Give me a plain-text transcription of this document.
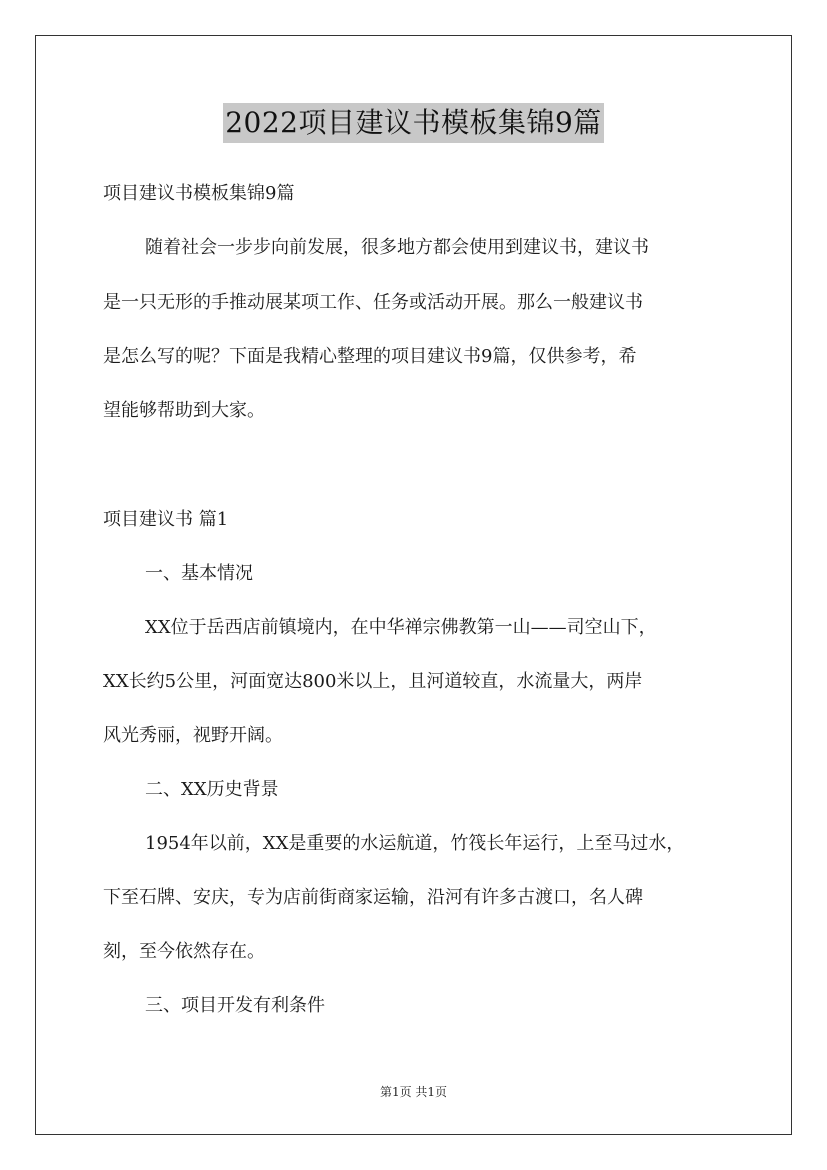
2022项目建议书模板集锦9篇
项目建议书模板集锦9篇
随着社会一步步向前发展，很多地方都会使用到建议书，建议书
是一只无形的手推动展某项工作、任务或活动开展。那么一般建议书
是怎么写的呢？下面是我精心整理的项目建议书9篇，仅供参考，希
望能够帮助到大家。
项目建议书 篇1
一、基本情况
XX位于岳西店前镇境内，在中华禅宗佛教第一山——司空山下，
XX长约5公里，河面宽达800米以上，且河道较直，水流量大，两岸
风光秀丽，视野开阔。
二、XX历史背景
1954年以前，XX是重要的水运航道，竹筏长年运行，上至马过水，
下至石牌、安庆，专为店前街商家运输，沿河有许多古渡口，名人碑
刻，至今依然存在。
三、项目开发有利条件
第1页 共1页
